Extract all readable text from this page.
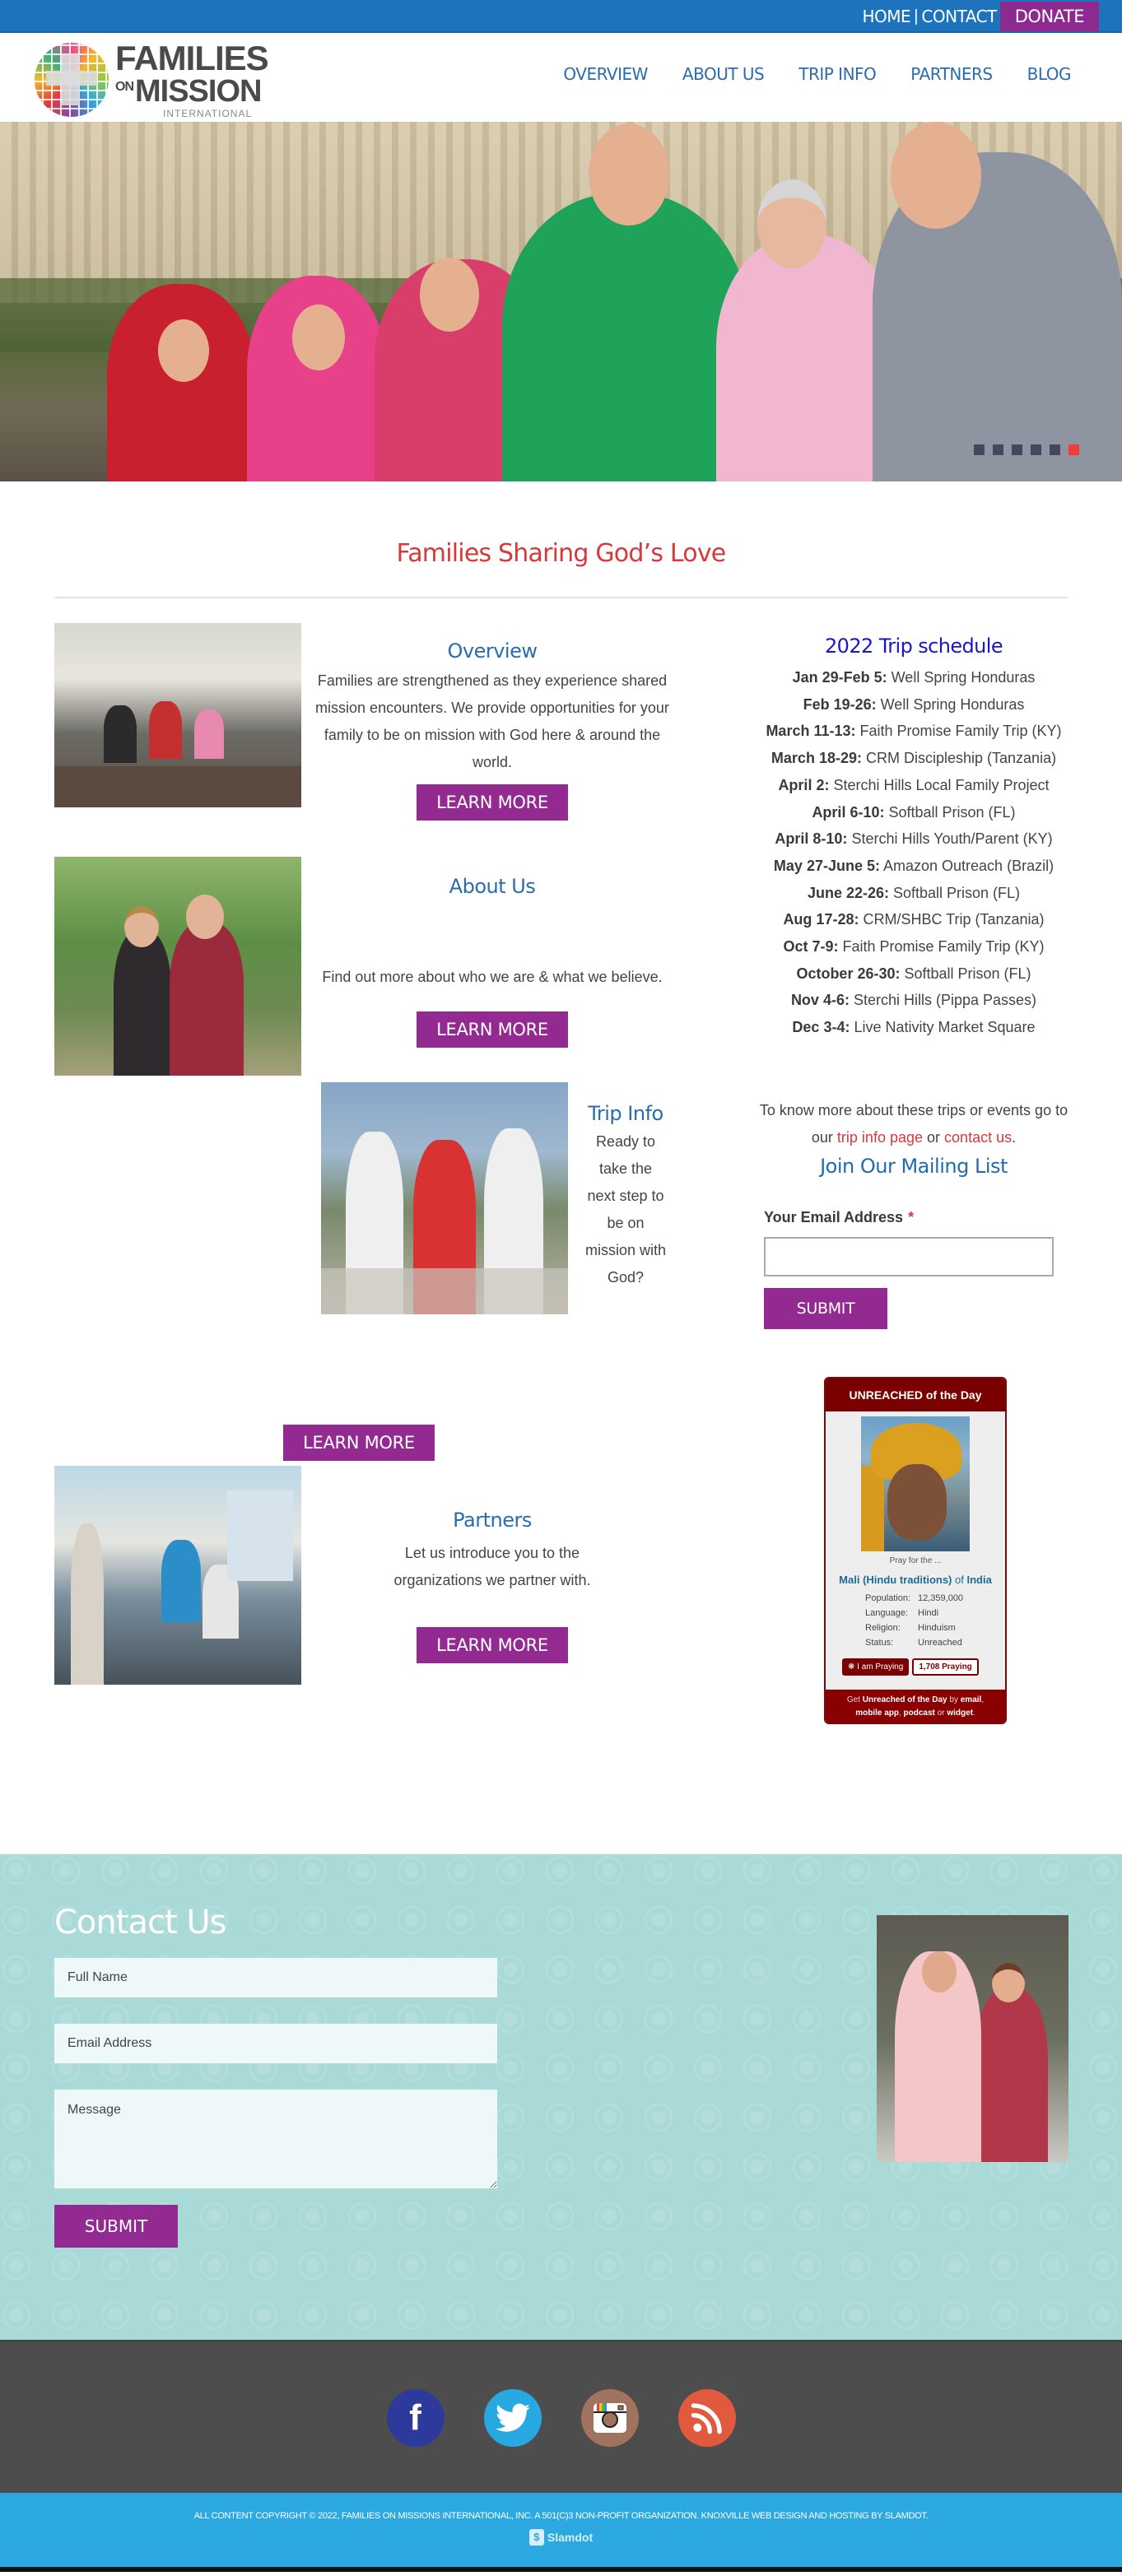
HOME | CONTACT	DONATE
FAMILIES
$^{ON}$MISSION
INTERNATIONAL
OVERVIEW ABOUT US TRIP INFO PARTNERS BLOG
Families Sharing God’s Love
Overview
Families are strengthened as they experience shared mission encounters. We provide opportunities for your family to be on mission with God here & around the world.
LEARN MORE
About Us
Find out more about who we are & what we believe.
LEARN MORE
Trip Info
Ready to take the next step to be on mission with God?
LEARN MORE
Partners
Let us introduce you to the organizations we partner with.
LEARN MORE
2022 Trip schedule
Jan 29-Feb 5: Well Spring Honduras
Feb 19-26: Well Spring Honduras
March 11-13: Faith Promise Family Trip (KY)
March 18-29: CRM Discipleship (Tanzania)
April 2: Sterchi Hills Local Family Project
April 6-10: Softball Prison (FL)
April 8-10: Sterchi Hills Youth/Parent (KY)
May 27-June 5: Amazon Outreach (Brazil)
June 22-26: Softball Prison (FL)
Aug 17-28: CRM/SHBC Trip (Tanzania)
Oct 7-9: Faith Promise Family Trip (KY)
October 26-30: Softball Prison (FL)
Nov 4-6: Sterchi Hills (Pippa Passes)
Dec 3-4: Live Nativity Market Square
To know more about these trips or events go to our trip info page or contact us.
Join Our Mailing List
Your Email Address *
SUBMIT
UNREACHED of the Day
Pray for the ...
Mali (Hindu traditions) of India
Population: 12,359,000
Language:	Hindi
Religion:	Hinduism
Status:	Unreached
❋ I am Praying	1,708 Praying
Get Unreached of the Day by email,
mobile app, podcast or widget.
Contact Us
Full Name
Email Address
Message
SUBMIT
f
ALL CONTENT COPYRIGHT © 2022, FAMILIES ON MISSIONS INTERNATIONAL, INC. A 501(C)3 NON-PROFIT ORGANIZATION. KNOXVILLE WEB DESIGN AND HOSTING BY SLAMDOT.
$ Slamdot
